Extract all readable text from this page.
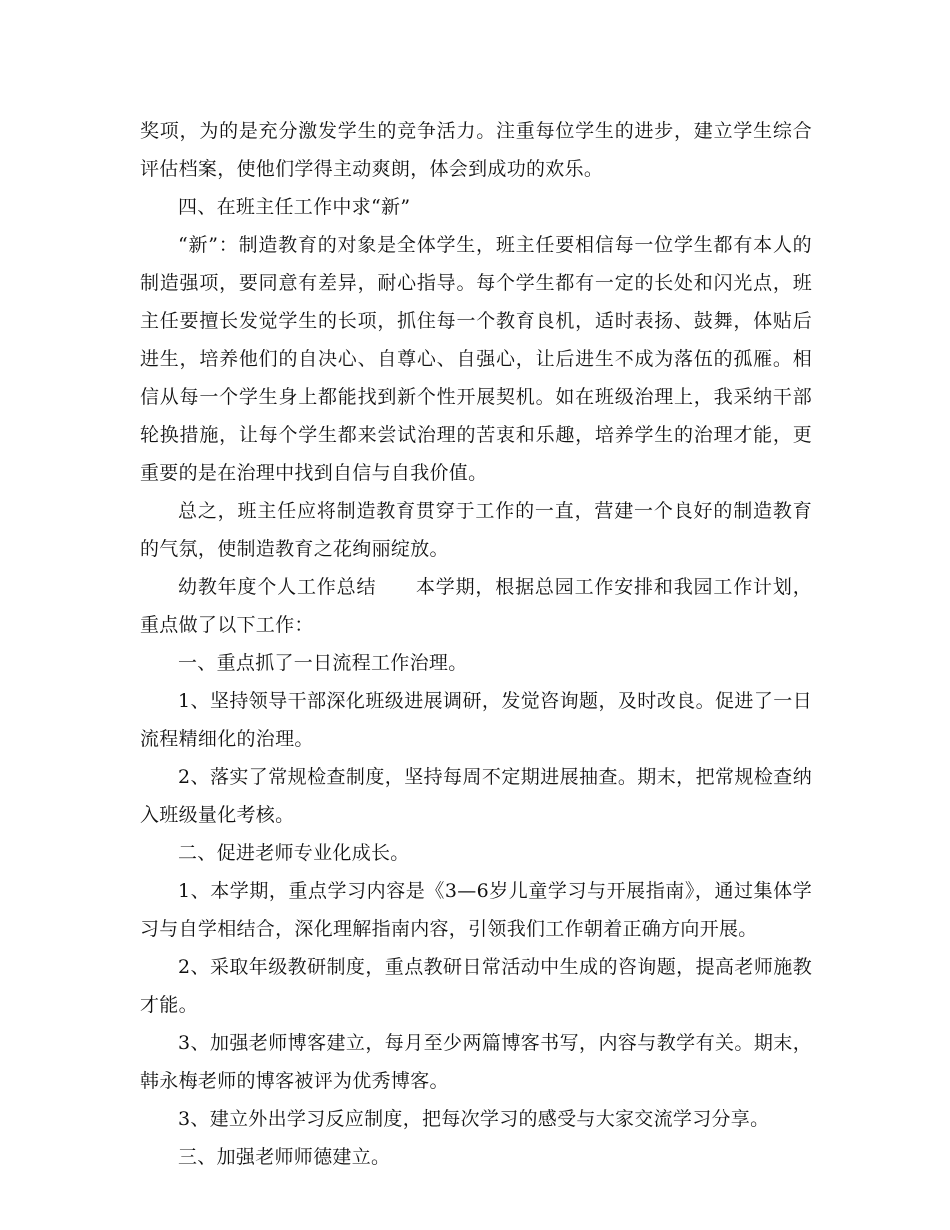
奖项，为的是充分激发学生的竞争活力。注重每位学生的进步，建立学生综合评估档案，使他们学得主动爽朗，体会到成功的欢乐。

四、在班主任工作中求“新”

“新”：制造教育的对象是全体学生，班主任要相信每一位学生都有本人的制造强项，要同意有差异，耐心指导。每个学生都有一定的长处和闪光点，班主任要擅长发觉学生的长项，抓住每一个教育良机，适时表扬、鼓舞，体贴后进生，培养他们的自决心、自尊心、自强心，让后进生不成为落伍的孤雁。相信从每一个学生身上都能找到新个性开展契机。如在班级治理上，我采纳干部轮换措施，让每个学生都来尝试治理的苦衷和乐趣，培养学生的治理才能，更重要的是在治理中找到自信与自我价值。

总之，班主任应将制造教育贯穿于工作的一直，营建一个良好的制造教育的气氛，使制造教育之花绚丽绽放。

幼教年度个人工作总结　　本学期，根据总园工作安排和我园工作计划，重点做了以下工作：

一、重点抓了一日流程工作治理。

1、坚持领导干部深化班级进展调研，发觉咨询题，及时改良。促进了一日流程精细化的治理。

2、落实了常规检查制度，坚持每周不定期进展抽查。期末，把常规检查纳入班级量化考核。

二、促进老师专业化成长。

1、本学期，重点学习内容是《3—6岁儿童学习与开展指南》，通过集体学习与自学相结合，深化理解指南内容，引领我们工作朝着正确方向开展。

2、采取年级教研制度，重点教研日常活动中生成的咨询题，提高老师施教才能。

3、加强老师博客建立，每月至少两篇博客书写，内容与教学有关。期末，韩永梅老师的博客被评为优秀博客。

3、建立外出学习反应制度，把每次学习的感受与大家交流学习分享。

三、加强老师师德建立。
